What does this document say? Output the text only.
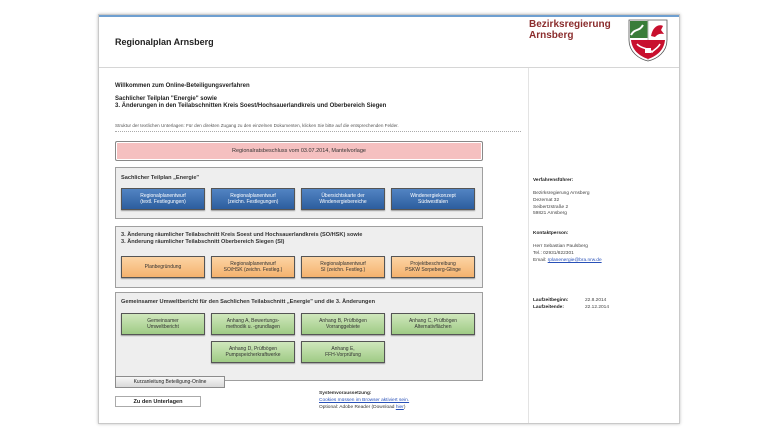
Regionalplan Arnsberg
Bezirksregierung
Arnsberg
Willkommen zum Online-Beteiligungsverfahren
Sachlicher Teilplan "Energie" sowie
3. Änderungen in den Teilabschnitten Kreis Soest/Hochsauerlandkreis und Oberbereich Siegen
Struktur der textlichen Unterlagen: Für den direkten Zugang zu den einzelnen Dokumenten, klicken Sie bitte auf die entsprechenden Felder.
Regionalratsbeschluss vom 03.07.2014, Mantelvorlage
Sachlicher Teilplan „Energie"
Regionalplanentwurf
(textl. Festlegungen)
Regionalplanentwurf
(zeichn. Festlegungen)
Übersichtskarte der
Windenergiebereiche
Windenergiekonzept
Südwestfalen
3. Änderung räumlicher Teilabschnitt Kreis Soest und Hochsauerlandkreis (SO/HSK) sowie
3. Änderung räumlicher Teilabschnitt Oberbereich Siegen (SI)
Planbegründung
Regionalplanentwurf
SO/HSK (zeichn. Festleg.)
Regionalplanentwurf
SI (zeichn. Festleg.)
Projektbeschreibung
PSKW Sorpeberg-Glinge
Gemeinsamer Umweltbericht für den Sachlichen Teilabschnitt „Energie" und die 3. Änderungen
Gemeinsamer
Umweltbericht
Anhang A, Bewertungs-
methodik u. -grundlagen
Anhang B, Prüfbögen
Vorranggebiete
Anhang C, Prüfbögen
Alternativflächen
Anhang D, Prüfbögen
Pumpspeicherkraftwerke
Anhang E,
FFH-Vorprüfung
Kurzanleitung Beteiligung-Online
Zu den Unterlagen
Systemvoraussetzung:
Cookies müssen im Browser aktiviert sein.
Optional: Adobe Reader (Download hier)
Verfahrensführer:
Bezirksregierung Arnsberg
Dezernat 32
Seibertzstraße 2
59821 Arnsberg
Kontaktperson:
Herr Sebastian Paulsberg
Tel.: 02931/822301
Email: rplanenergie@bra.nrw.de
Laufzeitbeginn:	22.8.2014
Laufzeitende:	22.12.2014
